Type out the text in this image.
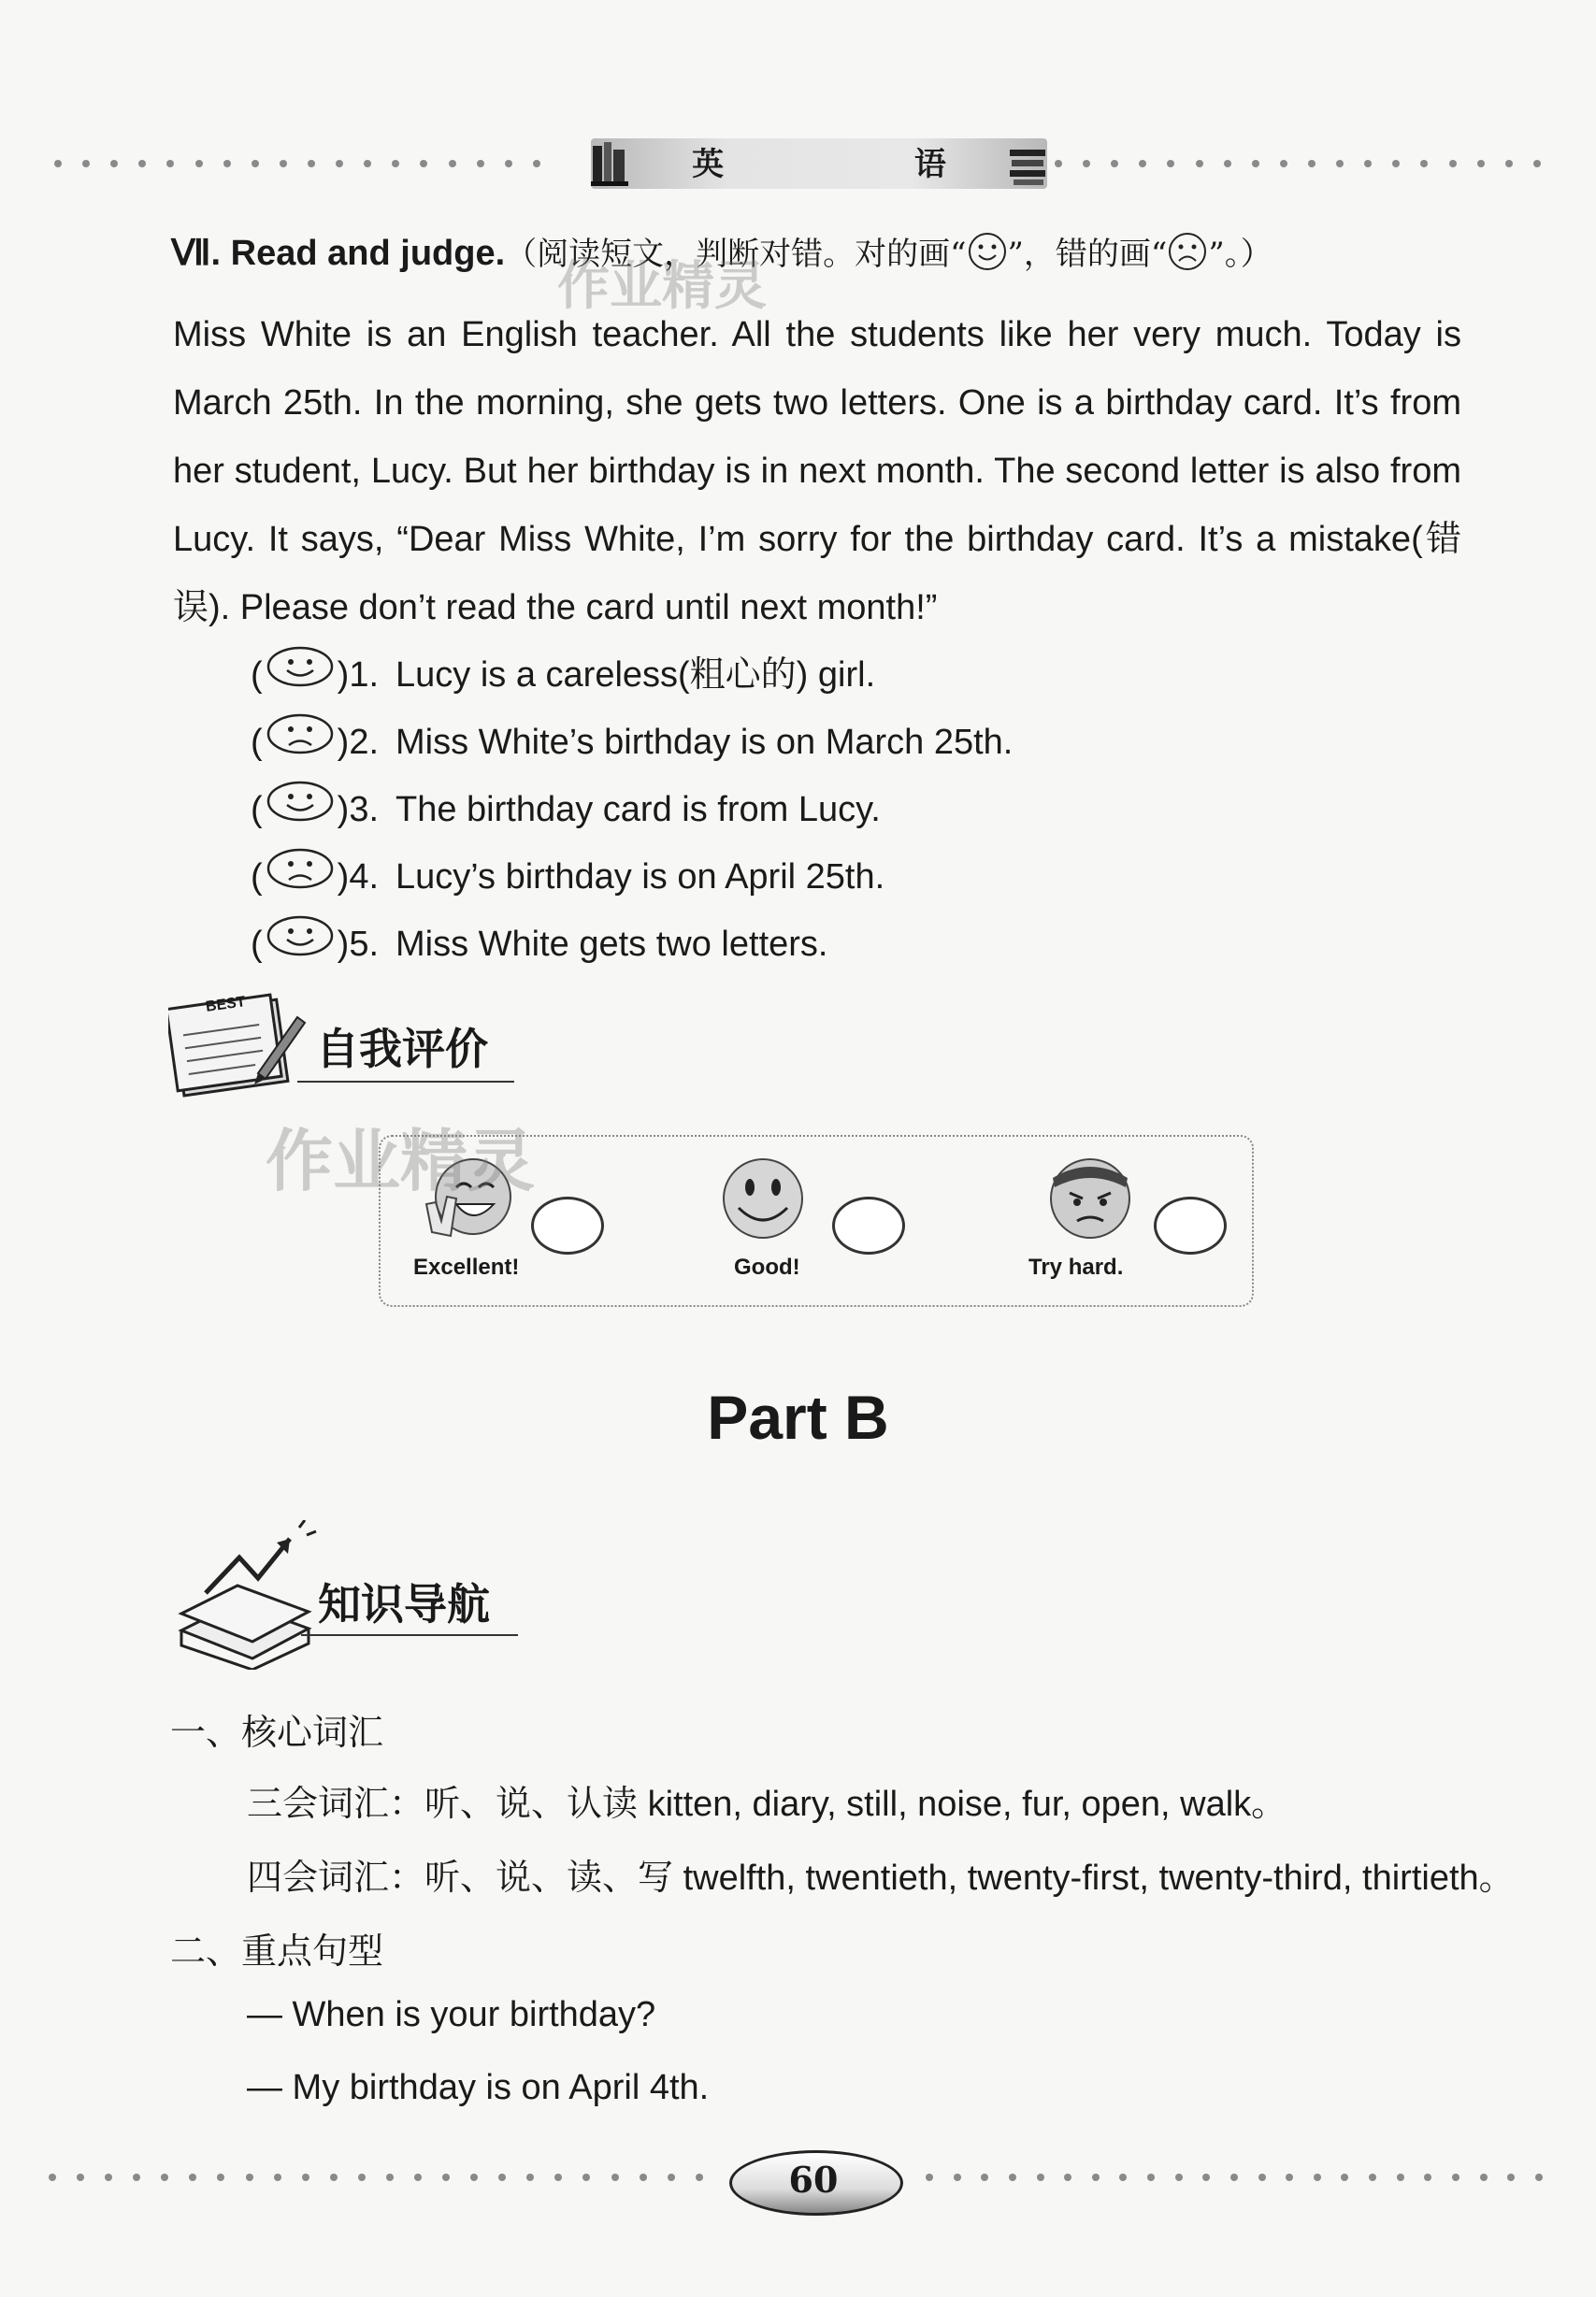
英 语
Ⅶ. Read and judge.（阅读短文，判断对错。对的画“ ”，错的画“ ”。）
Miss White is an English teacher. All the students like her very much. Today is March 25th. In the morning, she gets two letters. One is a birthday card. It’s from her student, Lucy. But her birthday is in next month. The second letter is also from Lucy. It says, “Dear Miss White, I’m sorry for the birthday card. It’s a mistake(错误). Please don’t read the card until next month!”
( ) 1. Lucy is a careless(粗心的) girl.
( ) 2. Miss White’s birthday is on March 25th.
( ) 3. The birthday card is from Lucy.
( ) 4. Lucy’s birthday is on April 25th.
( ) 5. Miss White gets two letters.
BEST
自我评价
Excellent!	Good!	Try hard.
Part B
知识导航
一、核心词汇
三会词汇：听、说、认读 kitten, diary, still, noise, fur, open, walk。
四会词汇：听、说、读、写 twelfth, twentieth, twenty-first, twenty-third, thirtieth。
二、重点句型
— When is your birthday?
— My birthday is on April 4th.
作业精灵
作业精灵
60
